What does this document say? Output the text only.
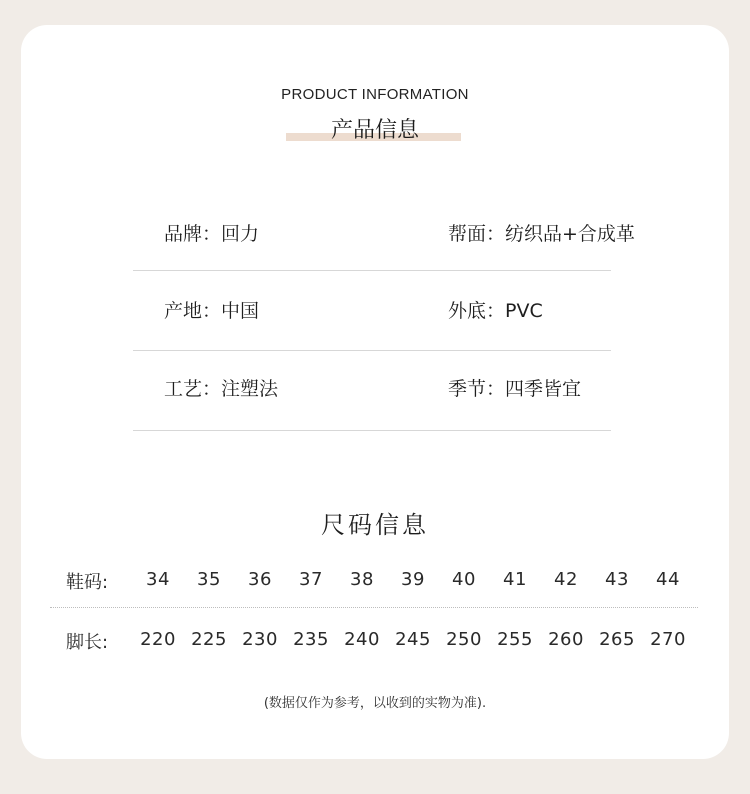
PRODUCT INFORMATION
产品信息
品牌：回力	帮面：纺织品+合成革
产地：中国	外底：PVC
工艺：注塑法	季节：四季皆宜
尺码信息
鞋码:	34	35	36	37	38	39	40	41	42	43	44
脚长:	220 225 230 235 240 245 250 255 260 265 270
(数据仅作为参考，以收到的实物为准).
